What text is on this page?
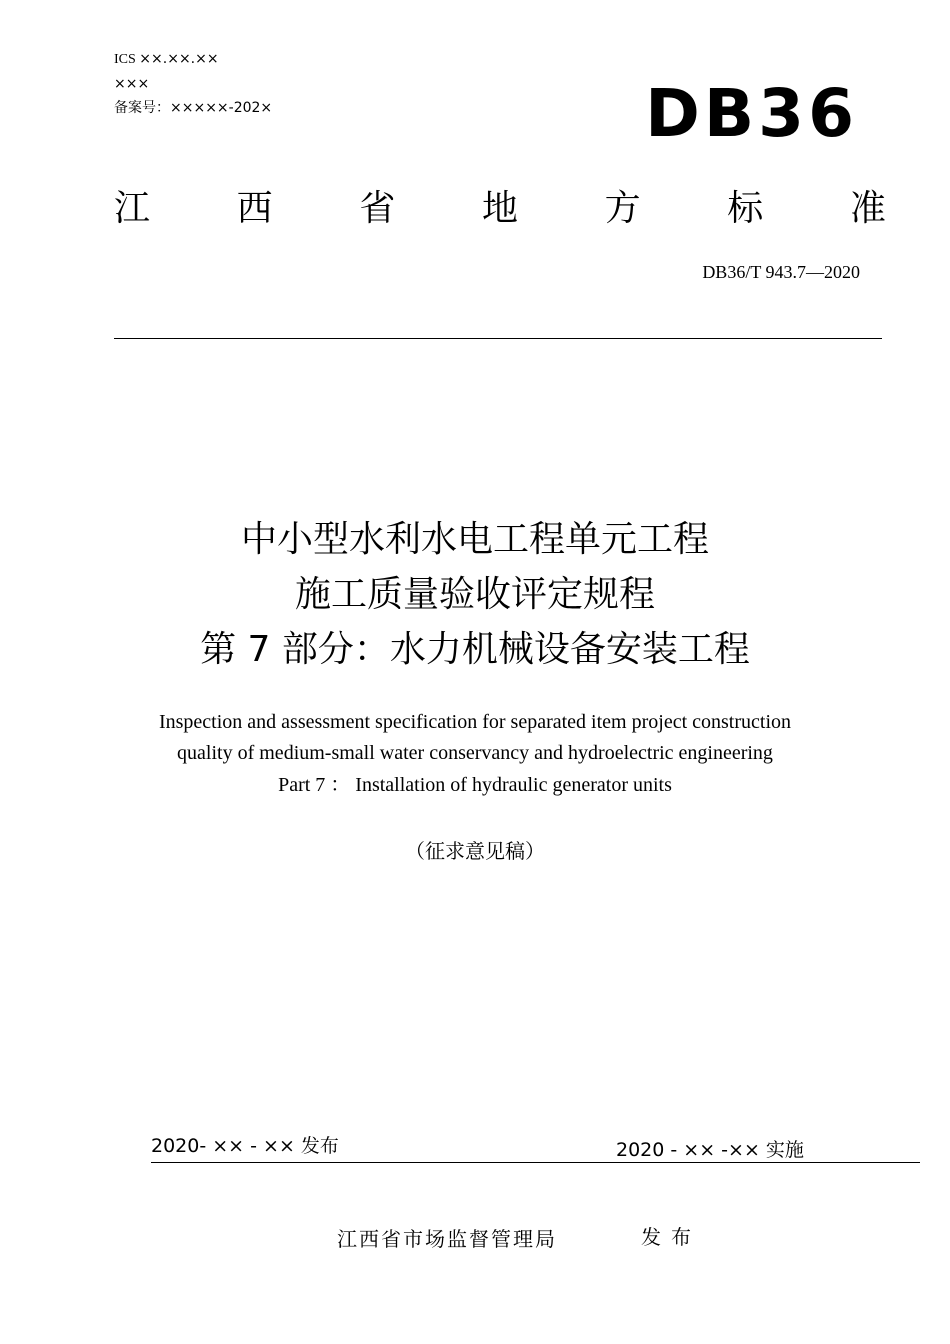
ICS ××.××.××
×××
备案号：×××××-202×	DB36
江 西 省 地 方 标 准
DB36/T 943.7—2020
中小型水利水电工程单元工程
施工质量验收评定规程
第 7 部分：水力机械设备安装工程
Inspection and assessment specification for separated item project construction
quality of medium-small water conservancy and hydroelectric engineering
Part 7 ： Installation of hydraulic generator units
（征求意见稿）
2020- ×× - ×× 发布	2020 - ×× -×× 实施
江西省市场监督管理局	发布
